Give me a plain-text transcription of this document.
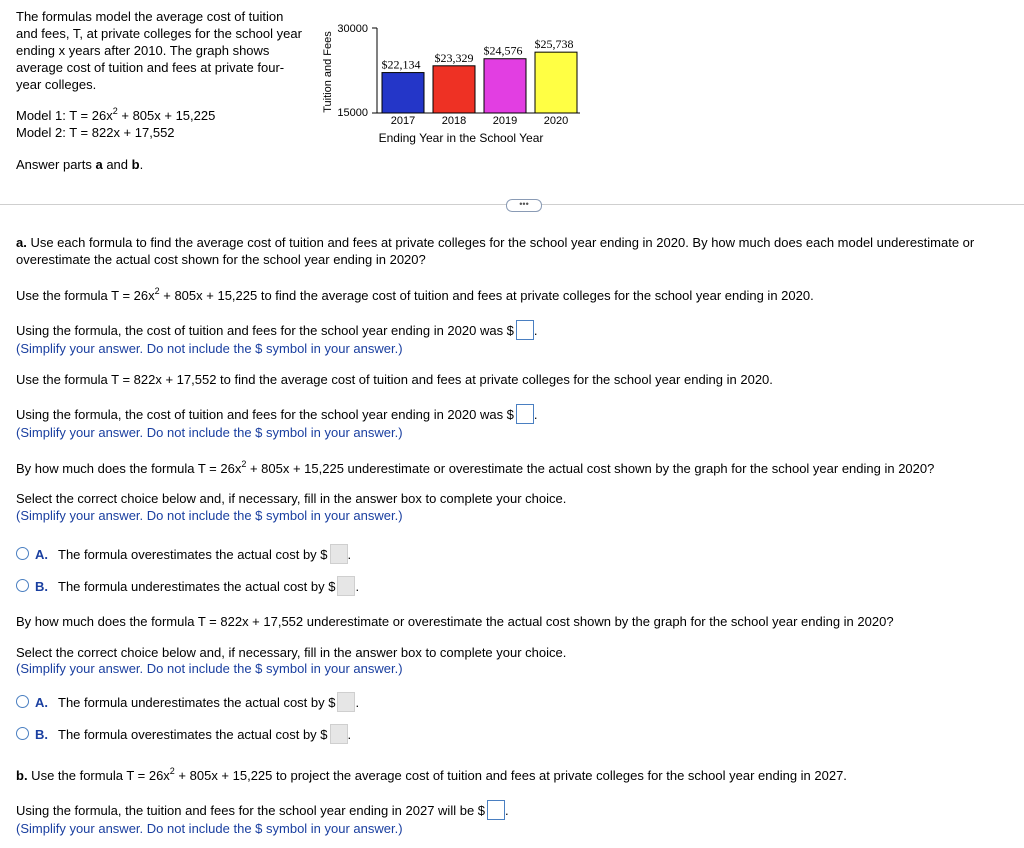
The formulas model the average cost of tuition and fees, T, at private colleges for the school year ending x years after 2010. The graph shows average cost of tuition and fees at private four-year colleges.
Model 1: $T = 26x^2 + 805x + 15,225$
Model 2: T = 822x + 17,552
Answer parts a and b.
Tuition and Fees
30000
15000
$22,134
2017
$23,329
2018
$24,576
2019
$25,738
2020
Ending Year in the School Year
•••
a. Use each formula to find the average cost of tuition and fees at private colleges for the school year ending in 2020. By how much does each model underestimate or overestimate the actual cost shown for the school year ending in 2020?
Use the formula $T = 26x^2 + 805x + 15,225$ to find the average cost of tuition and fees at private colleges for the school year ending in 2020.
Using the formula, the cost of tuition and fees for the school year ending in 2020 was $ .
(Simplify your answer. Do not include the $ symbol in your answer.)
Use the formula T = 822x + 17,552 to find the average cost of tuition and fees at private colleges for the school year ending in 2020.
Using the formula, the cost of tuition and fees for the school year ending in 2020 was $ .
(Simplify your answer. Do not include the $ symbol in your answer.)
By how much does the formula $T = 26x^2 + 805x + 15,225$ underestimate or overestimate the actual cost shown by the graph for the school year ending in 2020?
Select the correct choice below and, if necessary, fill in the answer box to complete your choice.
(Simplify your answer. Do not include the $ symbol in your answer.)
A. The formula overestimates the actual cost by $ .
B. The formula underestimates the actual cost by $ .
By how much does the formula T = 822x + 17,552 underestimate or overestimate the actual cost shown by the graph for the school year ending in 2020?
Select the correct choice below and, if necessary, fill in the answer box to complete your choice.
(Simplify your answer. Do not include the $ symbol in your answer.)
A. The formula underestimates the actual cost by $ .
B. The formula overestimates the actual cost by $ .
b. Use the formula $T = 26x^2 + 805x + 15,225$ to project the average cost of tuition and fees at private colleges for the school year ending in 2027.
Using the formula, the tuition and fees for the school year ending in 2027 will be $ .
(Simplify your answer. Do not include the $ symbol in your answer.)
